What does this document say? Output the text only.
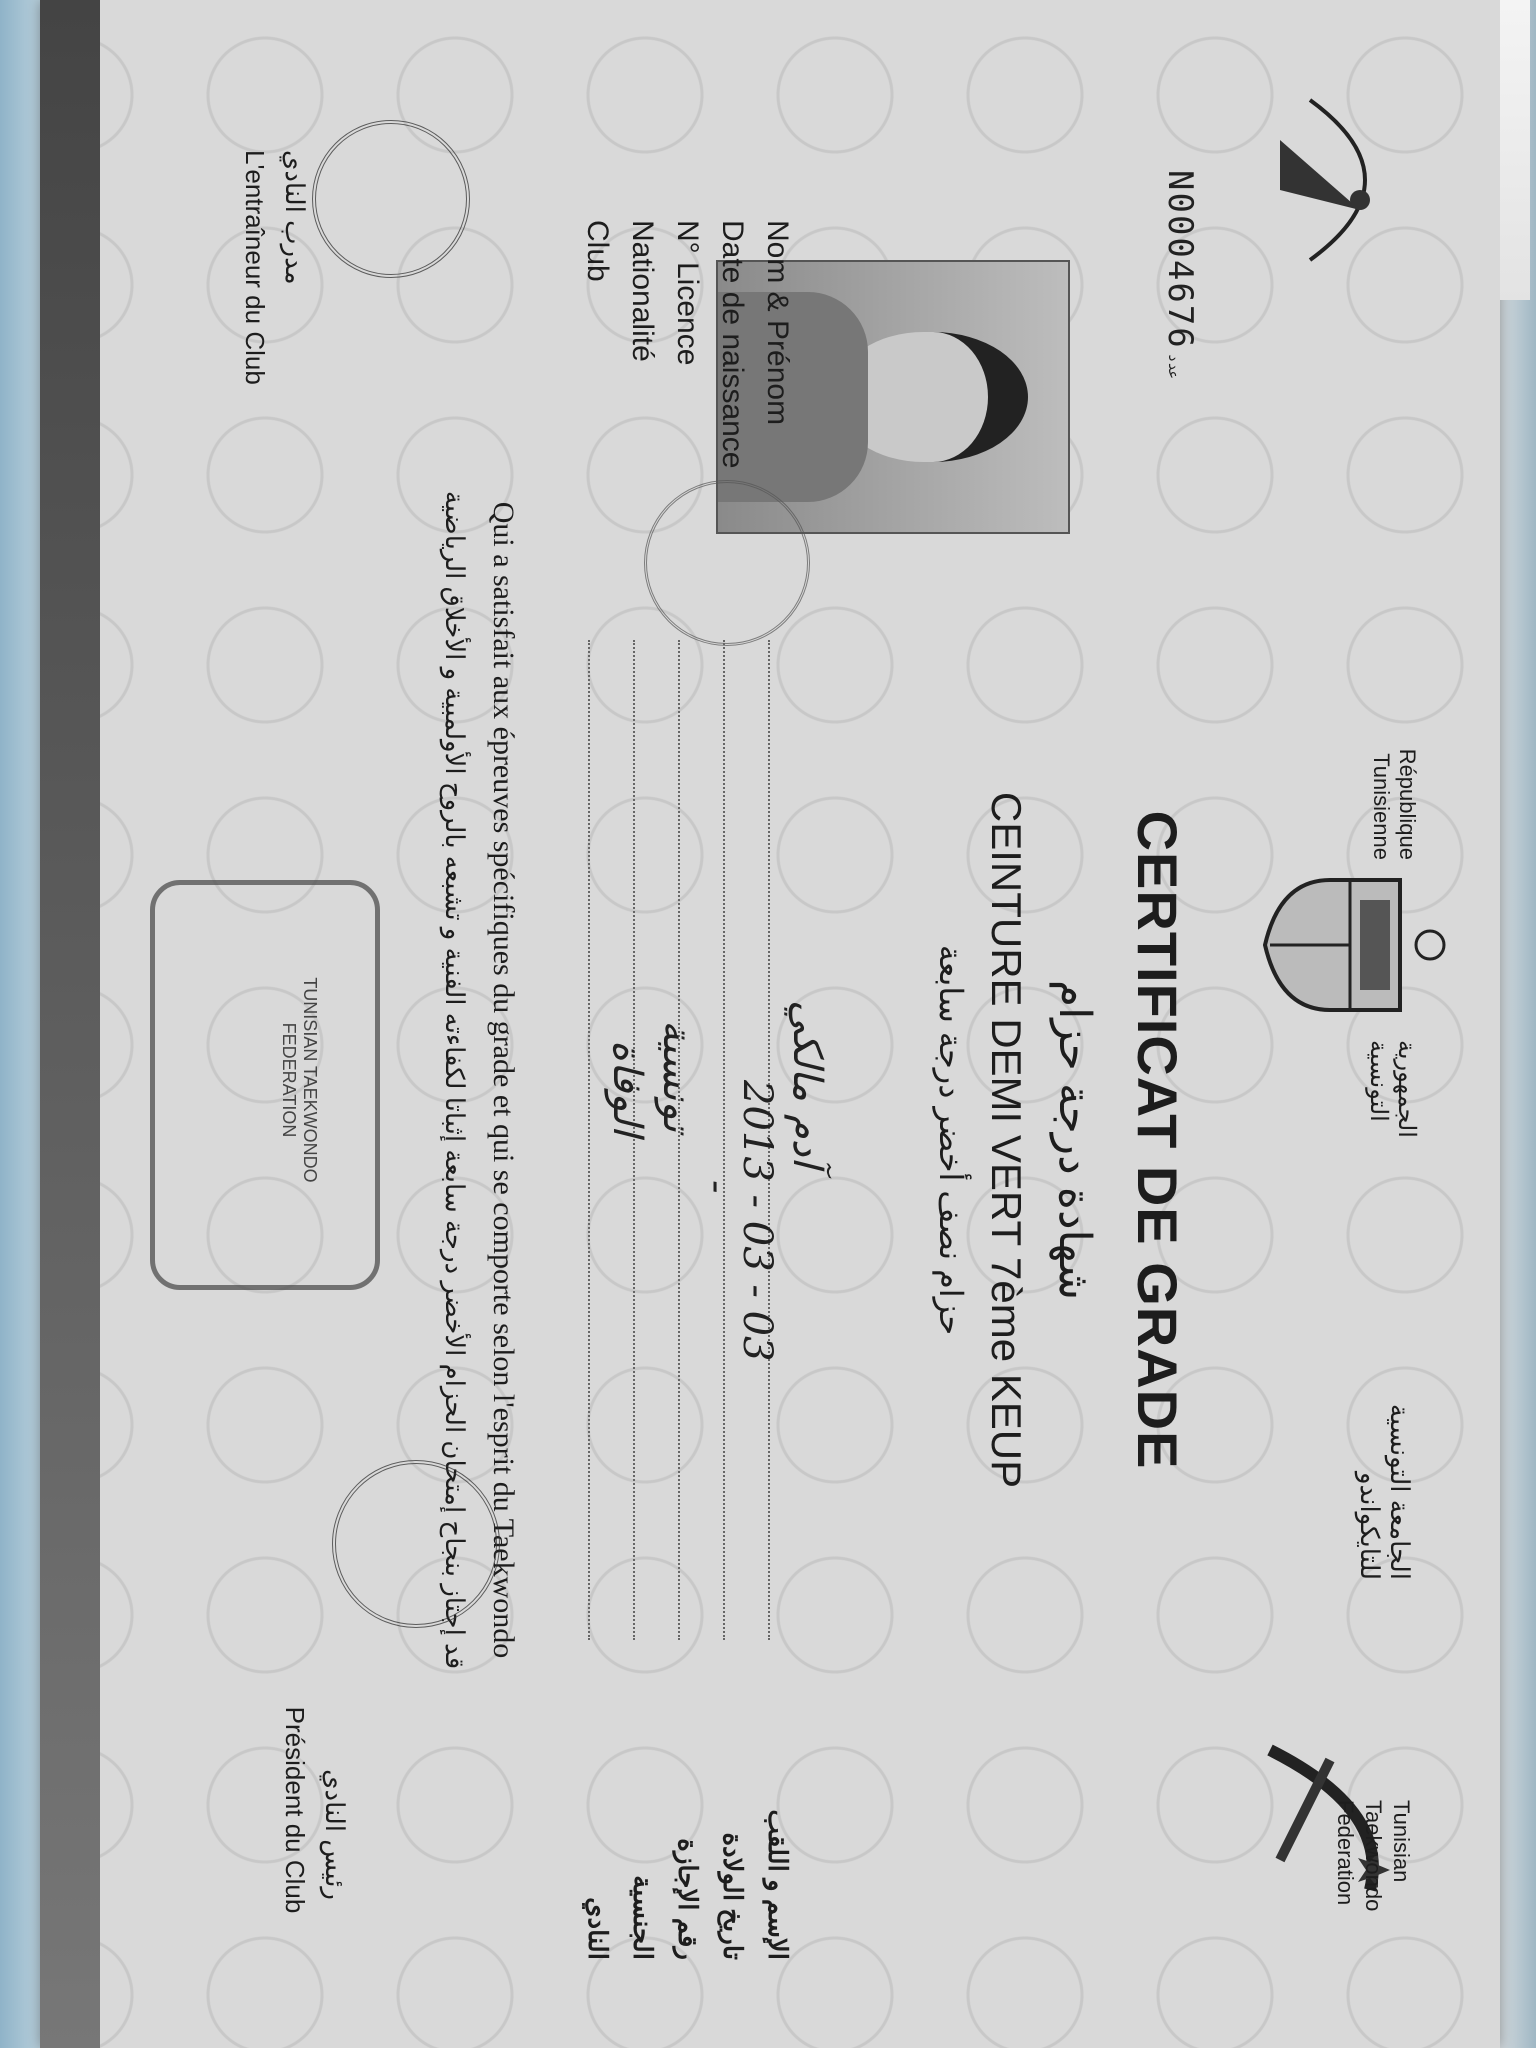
République Tunisienne
الجمهورية التونسية
الجامعة التونسية للتايكواندو
Tunisian Taekwondo Federation
N0004676عدد
CERTIFICAT DE GRADE
شهادة درجة حزام
CEINTURE DEMI VERT 7ème KEUP
حزام نصف أخضر درجة سابعة
Nom & Prénom
Date de naissance
N° Licence
Nationalité
Club
الإسم و اللقب
تاريخ الولادة
رقم الإجازة
الجنسية
النادي
آدم مالكي
2013 - 03 - 03
-
تونسية
الوفاة
Qui a satisfait aux épreuves spécifiques du grade et qui se comporte selon l'esprit du Taekwondo
قد إجتاز بنجاح إمتحان الحزام الأخضر درجة سابعة إثباتا لكفاءته الفنية و تشبعه بالروح الأولمبية و الأخلاق الرياضية
TUNISIAN TAEKWONDO FEDERATION
مدرب النادي
L'entraîneur du Club
رئيس النادي
Président du Club
